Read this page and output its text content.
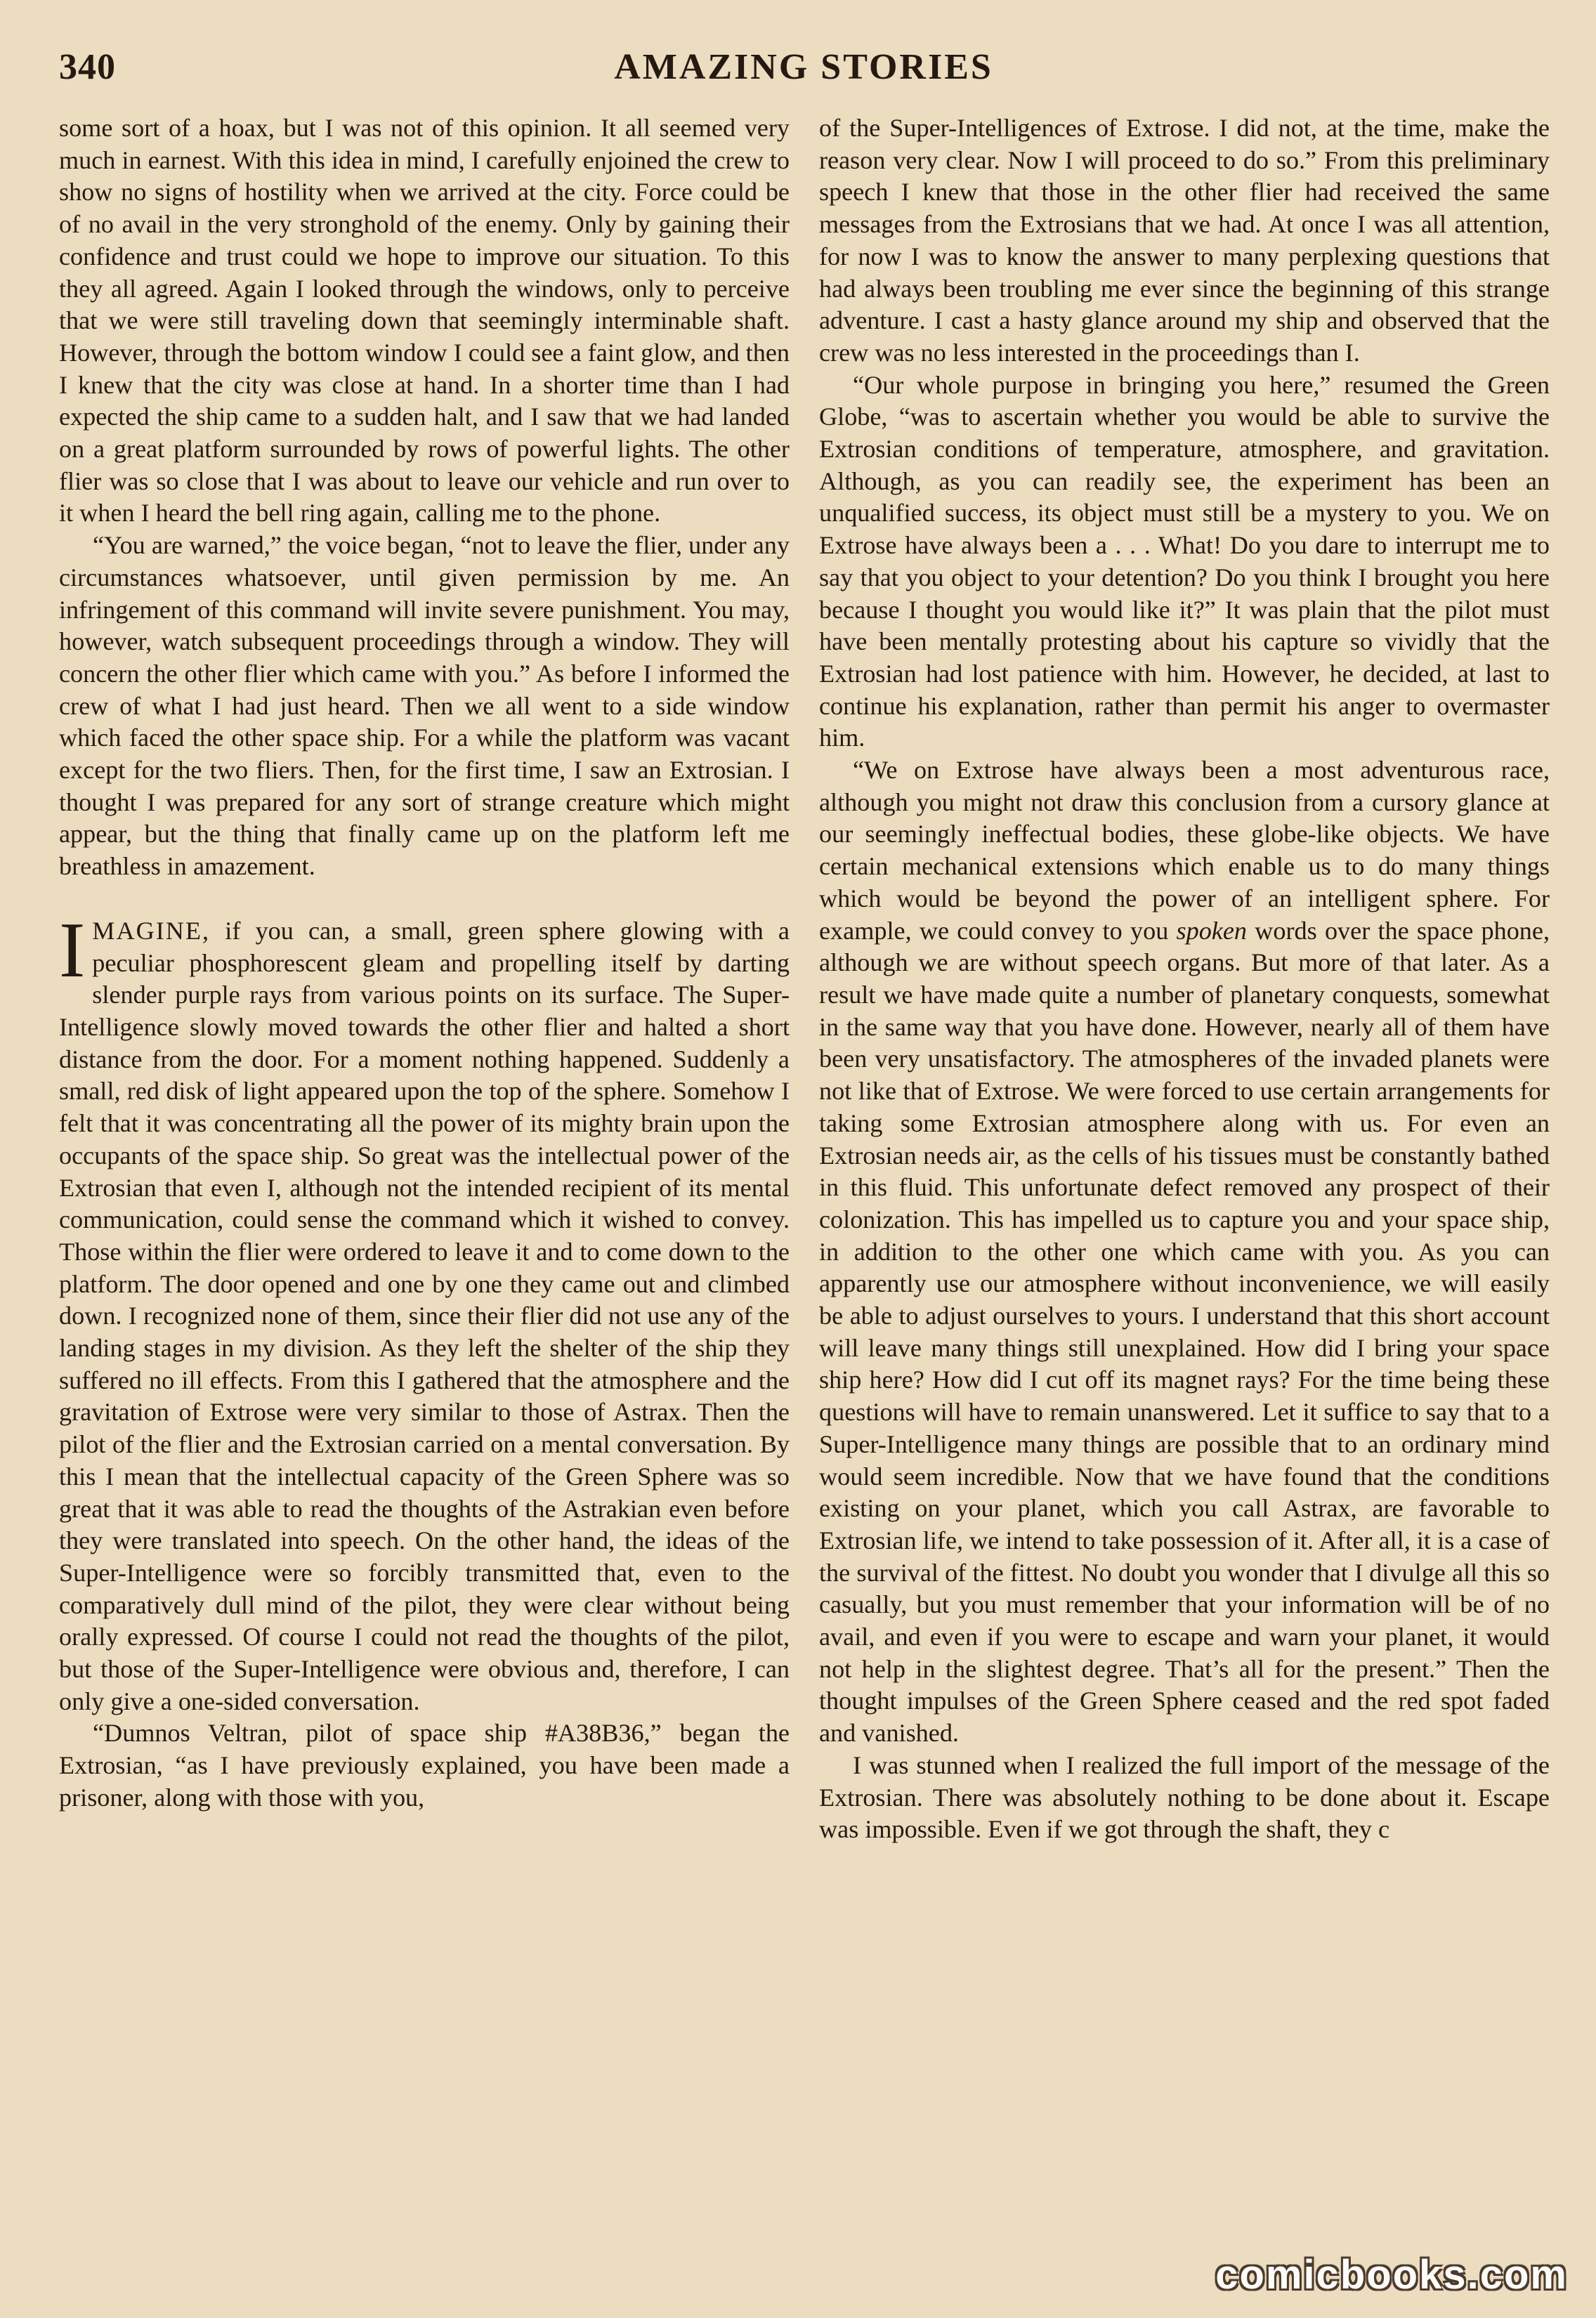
340	AMAZING STORIES

some sort of a hoax, but I was not of this opinion. It all seemed very much in earnest. With this idea in mind, I carefully enjoined the crew to show no signs of hostility when we arrived at the city. Force could be of no avail in the very stronghold of the enemy. Only by gaining their confidence and trust could we hope to improve our situation. To this they all agreed. Again I looked through the windows, only to perceive that we were still traveling down that seemingly interminable shaft. However, through the bottom window I could see a faint glow, and then I knew that the city was close at hand. In a shorter time than I had expected the ship came to a sudden halt, and I saw that we had landed on a great platform surrounded by rows of powerful lights. The other flier was so close that I was about to leave our vehicle and run over to it when I heard the bell ring again, calling me to the phone.

“You are warned,” the voice began, “not to leave the flier, under any circumstances whatsoever, until given permission by me. An infringement of this command will invite severe punishment. You may, however, watch subsequent proceedings through a window. They will concern the other flier which came with you.” As before I informed the crew of what I had just heard. Then we all went to a side window which faced the other space ship. For a while the platform was vacant except for the two fliers. Then, for the first time, I saw an Extrosian. I thought I was prepared for any sort of strange creature which might appear, but the thing that finally came up on the platform left me breathless in amazement.

IMAGINE, if you can, a small, green sphere glowing with a peculiar phosphorescent gleam and propelling itself by darting slender purple rays from various points on its surface. The Super-Intelligence slowly moved towards the other flier and halted a short distance from the door. For a moment nothing happened. Suddenly a small, red disk of light appeared upon the top of the sphere. Somehow I felt that it was concentrating all the power of its mighty brain upon the occupants of the space ship. So great was the intellectual power of the Extrosian that even I, although not the intended recipient of its mental communication, could sense the command which it wished to convey. Those within the flier were ordered to leave it and to come down to the platform. The door opened and one by one they came out and climbed down. I recognized none of them, since their flier did not use any of the landing stages in my division. As they left the shelter of the ship they suffered no ill effects. From this I gathered that the atmosphere and the gravitation of Extrose were very similar to those of Astrax. Then the pilot of the flier and the Extrosian carried on a mental conversation. By this I mean that the intellectual capacity of the Green Sphere was so great that it was able to read the thoughts of the Astrakian even before they were translated into speech. On the other hand, the ideas of the Super-Intelligence were so forcibly transmitted that, even to the comparatively dull mind of the pilot, they were clear without being orally expressed. Of course I could not read the thoughts of the pilot, but those of the Super-Intelligence were obvious and, therefore, I can only give a one-sided conversation.

“Dumnos Veltran, pilot of space ship #A38B36,” began the Extrosian, “as I have previously explained, you have been made a prisoner, along with those with you,

of the Super-Intelligences of Extrose. I did not, at the time, make the reason very clear. Now I will proceed to do so.” From this preliminary speech I knew that those in the other flier had received the same messages from the Extrosians that we had. At once I was all attention, for now I was to know the answer to many perplexing questions that had always been troubling me ever since the beginning of this strange adventure. I cast a hasty glance around my ship and observed that the crew was no less interested in the proceedings than I.

“Our whole purpose in bringing you here,” resumed the Green Globe, “was to ascertain whether you would be able to survive the Extrosian conditions of temperature, atmosphere, and gravitation. Although, as you can readily see, the experiment has been an unqualified success, its object must still be a mystery to you. We on Extrose have always been a . . . What! Do you dare to interrupt me to say that you object to your detention? Do you think I brought you here because I thought you would like it?” It was plain that the pilot must have been mentally protesting about his capture so vividly that the Extrosian had lost patience with him. However, he decided, at last to continue his explanation, rather than permit his anger to overmaster him.

“We on Extrose have always been a most adventurous race, although you might not draw this conclusion from a cursory glance at our seemingly ineffectual bodies, these globe-like objects. We have certain mechanical extensions which enable us to do many things which would be beyond the power of an intelligent sphere. For example, we could convey to you spoken words over the space phone, although we are without speech organs. But more of that later. As a result we have made quite a number of planetary conquests, somewhat in the same way that you have done. However, nearly all of them have been very unsatisfactory. The atmospheres of the invaded planets were not like that of Extrose. We were forced to use certain arrangements for taking some Extrosian atmosphere along with us. For even an Extrosian needs air, as the cells of his tissues must be constantly bathed in this fluid. This unfortunate defect removed any prospect of their colonization. This has impelled us to capture you and your space ship, in addition to the other one which came with you. As you can apparently use our atmosphere without inconvenience, we will easily be able to adjust ourselves to yours. I understand that this short account will leave many things still unexplained. How did I bring your space ship here? How did I cut off its magnet rays? For the time being these questions will have to remain unanswered. Let it suffice to say that to a Super-Intelligence many things are possible that to an ordinary mind would seem incredible. Now that we have found that the conditions existing on your planet, which you call Astrax, are favorable to Extrosian life, we intend to take possession of it. After all, it is a case of the survival of the fittest. No doubt you wonder that I divulge all this so casually, but you must remember that your information will be of no avail, and even if you were to escape and warn your planet, it would not help in the slightest degree. That’s all for the present.” Then the thought impulses of the Green Sphere ceased and the red spot faded and vanished.

I was stunned when I realized the full import of the message of the Extrosian. There was absolutely nothing to be done about it. Escape was impossible. Even if we got through the shaft, they c

comicbooks.com
